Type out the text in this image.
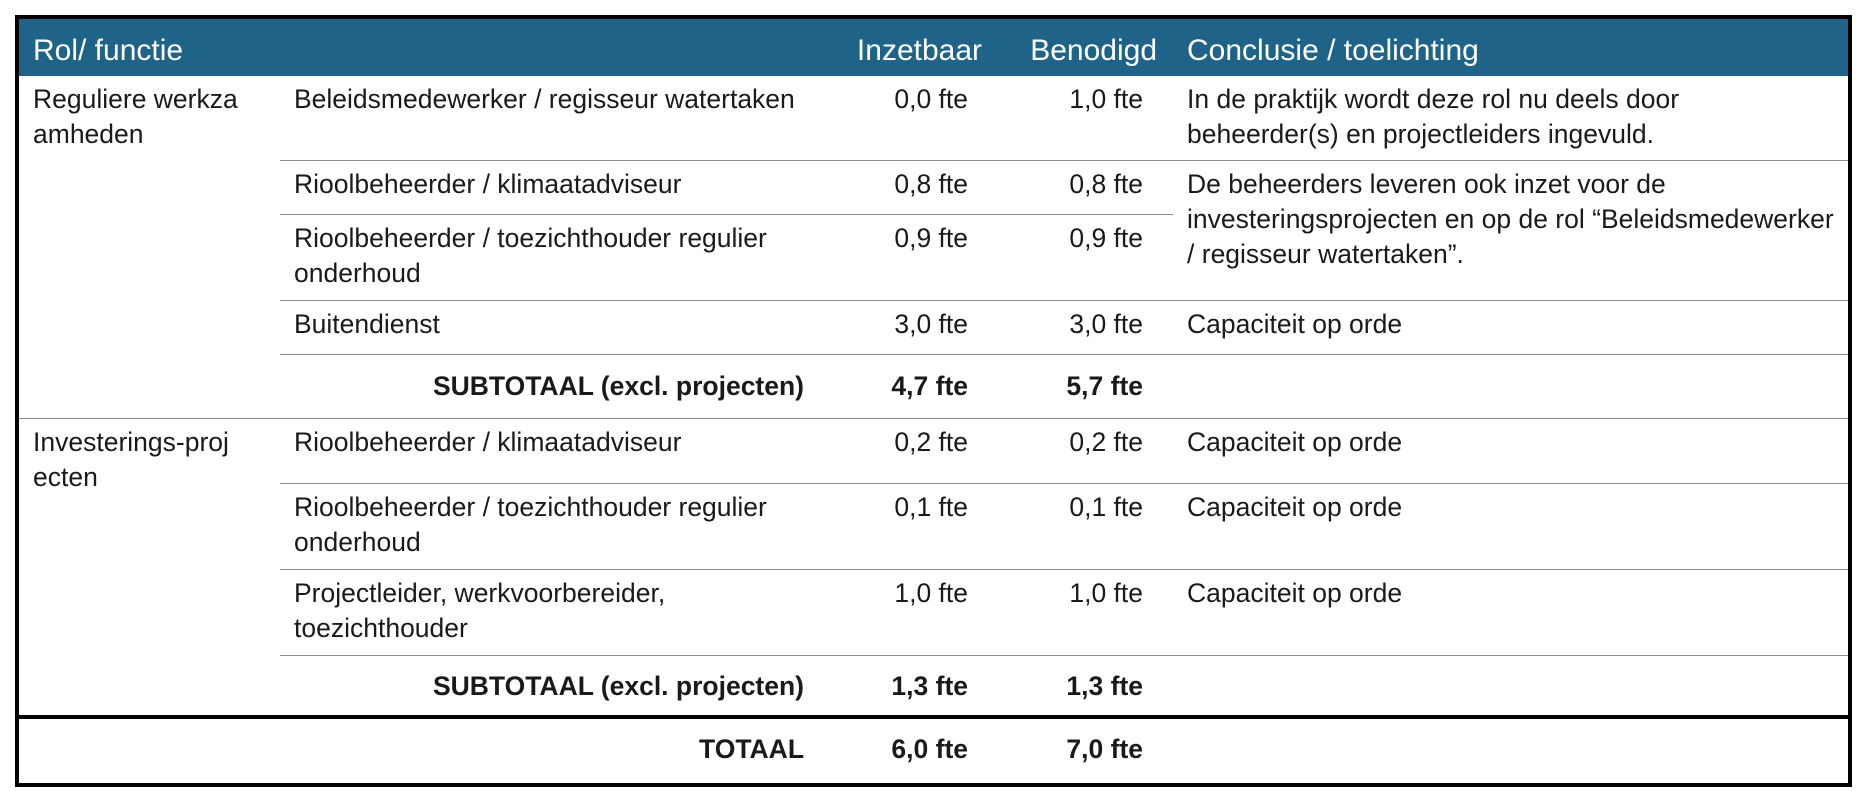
Rol/ functie		Inzetbaar	Benodigd	Conclusie / toelichting
Reguliere werkzaamheden	Beleidsmedewerker / regisseur watertaken	0,0 fte	1,0 fte	In de praktijk wordt deze rol nu deels door beheerder(s) en projectleiders ingevuld.
	Rioolbeheerder / klimaatadviseur	0,8 fte	0,8 fte	De beheerders leveren ook inzet voor de investeringsprojecten en op de rol “Beleidsmedewerker / regisseur watertaken”.
	Rioolbeheerder / toezichthouder regulier onderhoud	0,9 fte	0,9 fte	
	Buitendienst	3,0 fte	3,0 fte	Capaciteit op orde
	SUBTOTAAL (excl. projecten)	4,7 fte	5,7 fte	
Investerings-projecten	Rioolbeheerder / klimaatadviseur	0,2 fte	0,2 fte	Capaciteit op orde
	Rioolbeheerder / toezichthouder regulier onderhoud	0,1 fte	0,1 fte	Capaciteit op orde
	Projectleider, werkvoorbereider, toezichthouder	1,0 fte	1,0 fte	Capaciteit op orde
	SUBTOTAAL (excl. projecten)	1,3 fte	1,3 fte	
	TOTAAL	6,0 fte	7,0 fte	
